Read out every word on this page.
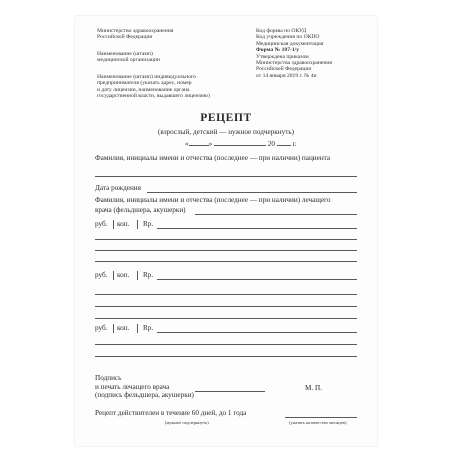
Министерство здравоохранения
Российской Федерации
Наименование (штамп)
медицинской организации
Наименование (штамп) индивидуального
предпринимателя (указать адрес, номер
и дату лицензии, наименование органа
государственной власти, выдавшего лицензию)
Код формы по ОКУД
Код учреждения по ОКПО
Медицинская документация
Форма № 107-1/у
Утверждена приказом
Министерства здравоохранения
Российской Федерации
от 14 января 2019 г. № 4н
РЕЦЕПТ
(взрослый, детский — нужное подчеркнуть)
«	»	20 г.
Фамилия, инициалы имени и отчества (последнее — при наличии) пациента
Дата рождения
Фамилия, инициалы имени и отчества (последнее — при наличии) лечащего
врача (фельдшера, акушерки)
руб. коп. Rp.
руб. коп. Rp.
руб. коп. Rp.
Подпись
и печать лечащего врача
(подпись фельдшера, акушерки)
М. П.
Рецепт действителен в течение 60 дней, до 1 года
(нужное подчеркнуть)	(указать количество месяцев)
